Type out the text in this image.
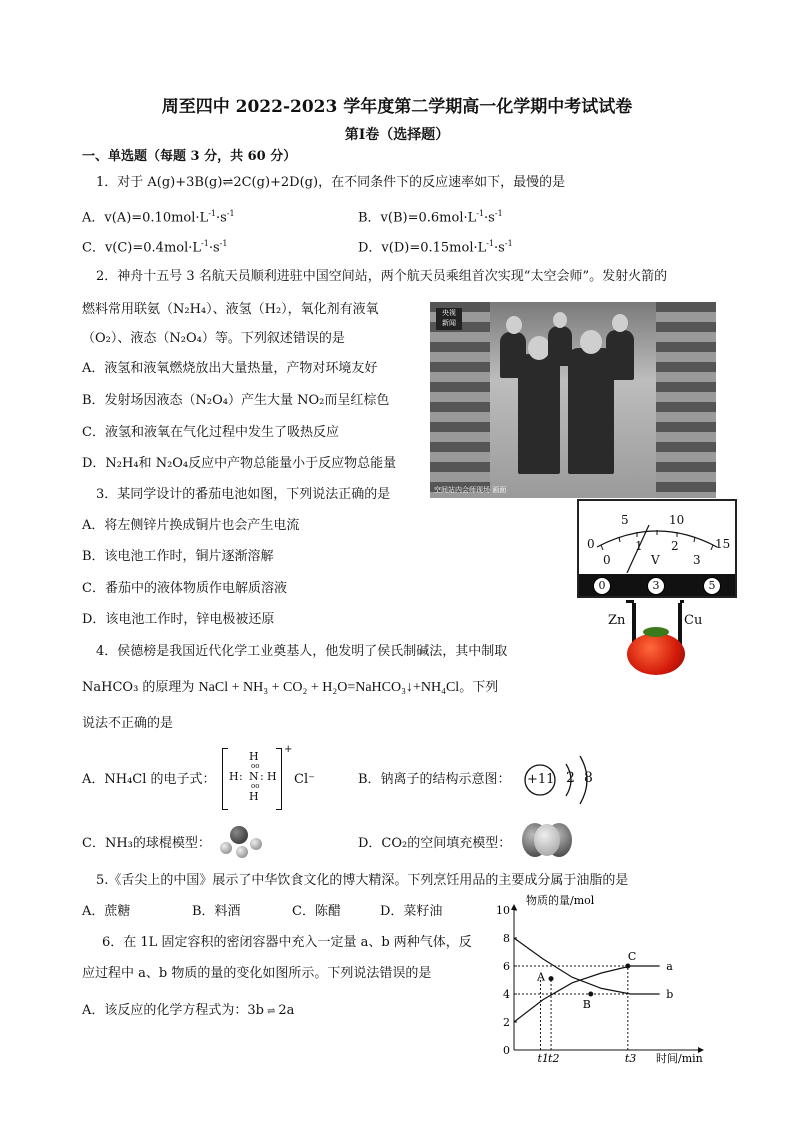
周至四中 2022-2023 学年度第二学期高一化学期中考试试卷
第Ⅰ卷（选择题）
一、单选题（每题 3 分，共 60 分）
1．对于 A(g)+3B(g)⇌2C(g)+2D(g)，在不同条件下的反应速率如下，最慢的是
A．$v(A)=0.10mol\cdot L^{-1}\cdot s^{-1}$	B．$v(B)=0.6mol\cdot L^{-1}\cdot s^{-1}$
C．$v(C)=0.4mol\cdot L^{-1}\cdot s^{-1}$	D．$v(D)=0.15mol\cdot L^{-1}\cdot s^{-1}$
2．神舟十五号 3 名航天员顺利进驻中国空间站，两个航天员乘组首次实现“太空会师”。发射火箭的
燃料常用联氨（N₂H₄）、液氢（H₂），氧化剂有液氧
（O₂）、液态（N₂O₄）等。下列叙述错误的是
A．液氢和液氧燃烧放出大量热量，产物对环境友好
B．发射场因液态（N₂O₄）产生大量 NO₂而呈红棕色
C．液氢和液氧在气化过程中发生了吸热反应
D．N₂H₄和 N₂O₄反应中产物总能量小于反应物总能量
央视
新闻
空间站内会师现场 画面
3．某同学设计的番茄电池如图，下列说法正确的是
A．将左侧锌片换成铜片也会产生电流
B．该电池工作时，铜片逐渐溶解
C．番茄中的液体物质作电解质溶液
D．该电池工作时，锌电极被还原
0
5	10
15
0
1 2
3
V
0	3	5
Zn	Cu
4．侯德榜是我国近代化学工业奠基人，他发明了侯氏制碱法，其中制取
NaHCO₃ 的原理为 NaCl + NH₃ + CO₂ + H₂O=NaHCO₃↓+NH₄Cl。下列
说法不正确的是
A．NH₄Cl 的电子式：
H
oo
H : N : H
oo
H
+
Cl⁻	B．钠离子的结构示意图： +11 2 8
C．NH₃的球棍模型：	D．CO₂的空间填充模型：
5.《舌尖上的中国》展示了中华饮食文化的博大精深。下列烹饪用品的主要成分属于油脂的是
A．蔗糖	B．料酒	C．陈醋	D．菜籽油
6．在 1L 固定容积的密闭容器中充入一定量 a、b 两种气体，反
应过程中 a、b 物质的量的变化如图所示。下列说法错误的是
A．该反应的化学方程式为：3b ⇌ 2a
物质的量/mol
时间/min
0
2
4
6
8
10
t1 t2	t3
a
b
A
B
C
